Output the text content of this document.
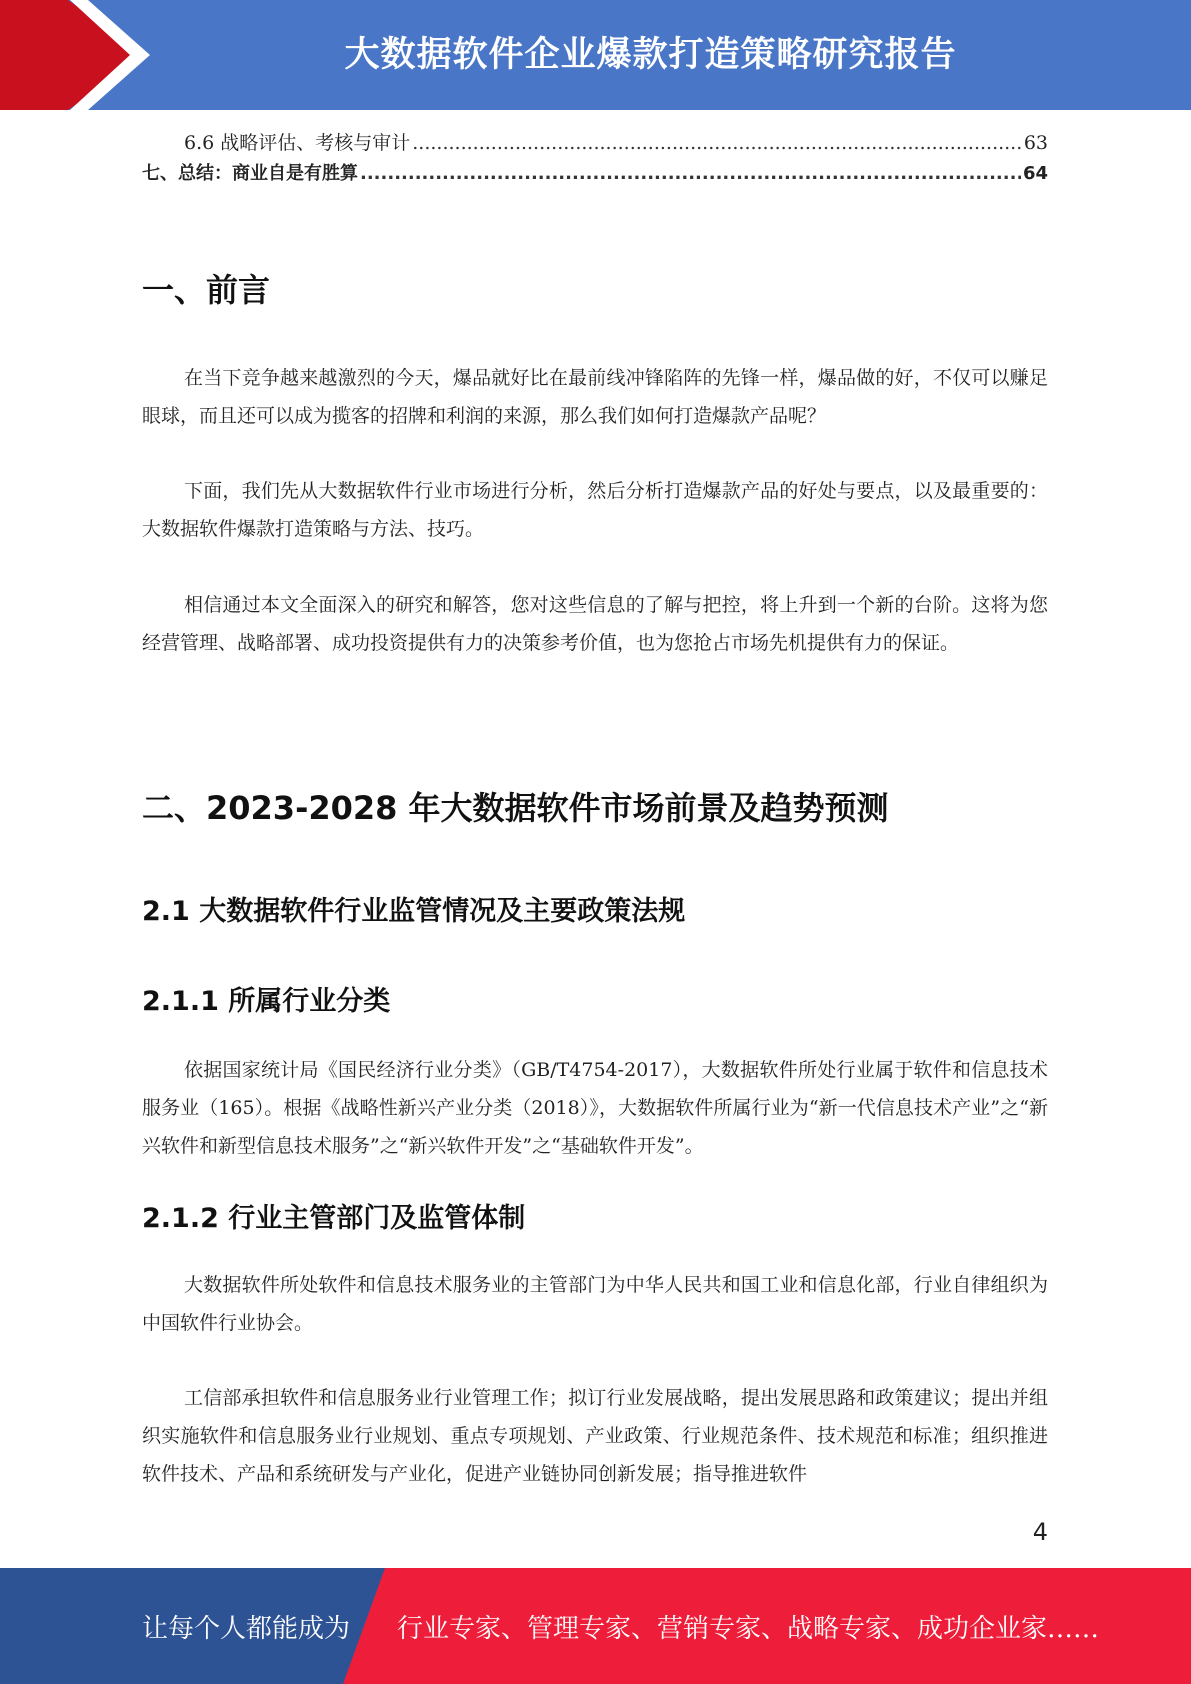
大数据软件企业爆款打造策略研究报告
6.6 战略评估、考核与审计 .....	63
七、总结：商业自是有胜算 .....	64
一、前言

在当下竞争越来越激烈的今天，爆品就好比在最前线冲锋陷阵的先锋一样，爆品做的好，不仅可以赚足眼球，而且还可以成为揽客的招牌和利润的来源，那么我们如何打造爆款产品呢？

下面，我们先从大数据软件行业市场进行分析，然后分析打造爆款产品的好处与要点，以及最重要的：大数据软件爆款打造策略与方法、技巧。

相信通过本文全面深入的研究和解答，您对这些信息的了解与把控，将上升到一个新的台阶。这将为您经营管理、战略部署、成功投资提供有力的决策参考价值，也为您抢占市场先机提供有力的保证。

二、2023-2028 年大数据软件市场前景及趋势预测
2.1 大数据软件行业监管情况及主要政策法规
2.1.1 所属行业分类

依据国家统计局《国民经济行业分类》（GB/T4754-2017），大数据软件所处行业属于软件和信息技术服务业（165）。根据《战略性新兴产业分类（2018）》，大数据软件所属行业为“新一代信息技术产业”之“新兴软件和新型信息技术服务”之“新兴软件开发”之“基础软件开发”。

2.1.2 行业主管部门及监管体制

大数据软件所处软件和信息技术服务业的主管部门为中华人民共和国工业和信息化部，行业自律组织为中国软件行业协会。

工信部承担软件和信息服务业行业管理工作；拟订行业发展战略，提出发展思路和政策建议；提出并组织实施软件和信息服务业行业规划、重点专项规划、产业政策、行业规范条件、技术规范和标准；组织推进软件技术、产品和系统研发与产业化，促进产业链协同创新发展；指导推进软件

4
让每个人都能成为 行业专家、管理专家、营销专家、战略专家、成功企业家……
